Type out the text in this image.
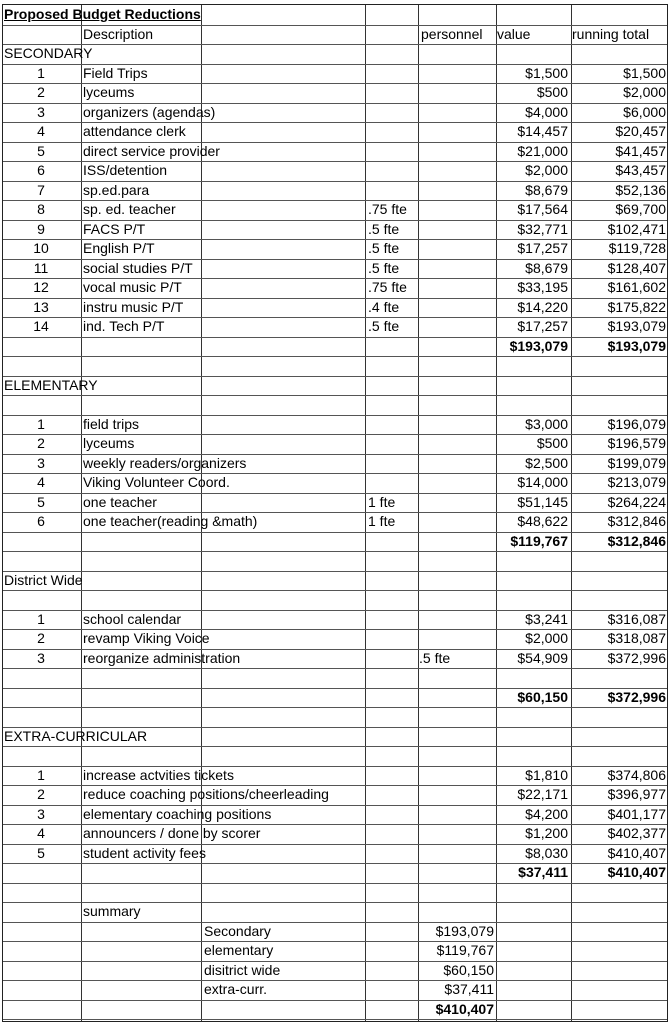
Proposed Budget Reductions
Description	personnel	value	running total
SECONDARY
1	Field Trips	$1,500	$1,500
2	lyceums	$500	$2,000
3	organizers (agendas)	$4,000	$6,000
4	attendance clerk	$14,457	$20,457
5	direct service provider	$21,000	$41,457
6	ISS/detention	$2,000	$43,457
7	sp.ed.para	$8,679	$52,136
8	sp. ed. teacher	.75 fte	$17,564	$69,700
9	FACS P/T	.5 fte	$32,771	$102,471
10	English P/T	.5 fte	$17,257	$119,728
11	social studies P/T	.5 fte	$8,679	$128,407
12	vocal music P/T	.75 fte	$33,195	$161,602
13	instru music P/T	.4 fte	$14,220	$175,822
14	ind. Tech P/T	.5 fte	$17,257	$193,079
$193,079	$193,079
ELEMENTARY
1	field trips	$3,000	$196,079
2	lyceums	$500	$196,579
3	weekly readers/organizers	$2,500	$199,079
4	Viking Volunteer Coord.	$14,000	$213,079
5	one teacher	1 fte	$51,145	$264,224
6	one teacher(reading &math)	1 fte	$48,622	$312,846
$119,767	$312,846
District Wide
1	school calendar	$3,241	$316,087
2	revamp Viking Voice	$2,000	$318,087
3	reorganize administration	.5 fte	$54,909	$372,996
$60,150	$372,996
EXTRA-CURRICULAR
1	increase actvities tickets	$1,810	$374,806
2	reduce coaching positions/cheerleading	$22,171	$396,977
3	elementary coaching positions	$4,200	$401,177
4	announcers / done by scorer	$1,200	$402,377
5	student activity fees	$8,030	$410,407
$37,411	$410,407
summary
Secondary	$193,079
elementary	$119,767
disitrict wide	$60,150
extra-curr.	$37,411
$410,407
